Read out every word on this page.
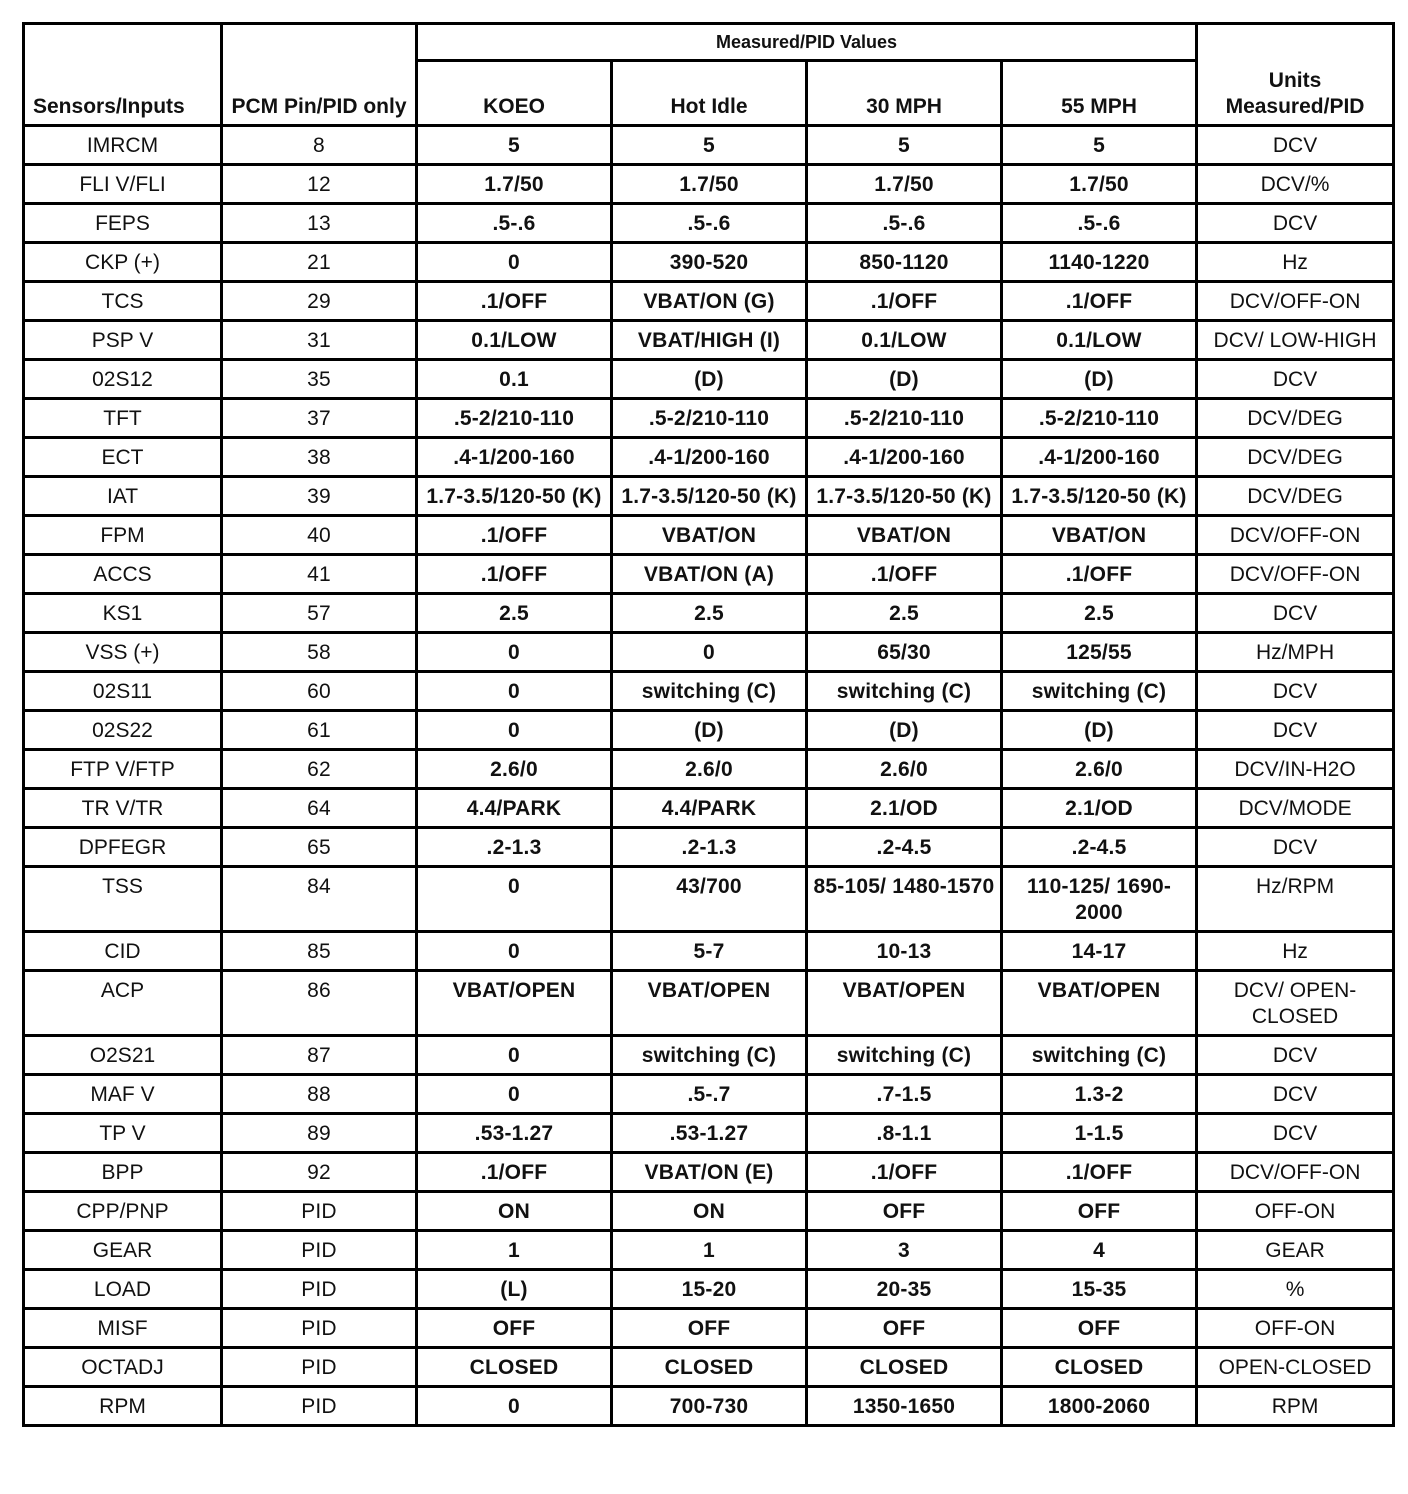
Sensors/Inputs	PCM Pin/PID only	Measured/PID Values				Units Measured/PID
		KOEO	Hot Idle	30 MPH	55 MPH	
IMRCM	8	5	5	5	5	DCV
FLI V/FLI	12	1.7/50	1.7/50	1.7/50	1.7/50	DCV/%
FEPS	13	.5-.6	.5-.6	.5-.6	.5-.6	DCV
CKP (+)	21	0	390-520	850-1120	1140-1220	Hz
TCS	29	.1/OFF	VBAT/ON (G)	.1/OFF	.1/OFF	DCV/OFF-ON
PSP V	31	0.1/LOW	VBAT/HIGH (I)	0.1/LOW	0.1/LOW	DCV/ LOW-HIGH
02S12	35	0.1	(D)	(D)	(D)	DCV
TFT	37	.5-2/210-110	.5-2/210-110	.5-2/210-110	.5-2/210-110	DCV/DEG
ECT	38	.4-1/200-160	.4-1/200-160	.4-1/200-160	.4-1/200-160	DCV/DEG
IAT	39	1.7-3.5/120-50 (K)	1.7-3.5/120-50 (K)	1.7-3.5/120-50 (K)	1.7-3.5/120-50 (K)	DCV/DEG
FPM	40	.1/OFF	VBAT/ON	VBAT/ON	VBAT/ON	DCV/OFF-ON
ACCS	41	.1/OFF	VBAT/ON (A)	.1/OFF	.1/OFF	DCV/OFF-ON
KS1	57	2.5	2.5	2.5	2.5	DCV
VSS (+)	58	0	0	65/30	125/55	Hz/MPH
02S11	60	0	switching (C)	switching (C)	switching (C)	DCV
02S22	61	0	(D)	(D)	(D)	DCV
FTP V/FTP	62	2.6/0	2.6/0	2.6/0	2.6/0	DCV/IN-H2O
TR V/TR	64	4.4/PARK	4.4/PARK	2.1/OD	2.1/OD	DCV/MODE
DPFEGR	65	.2-1.3	.2-1.3	.2-4.5	.2-4.5	DCV
TSS	84	0	43/700	85-105/ 1480-1570	110-125/ 1690-2000	Hz/RPM
CID	85	0	5-7	10-13	14-17	Hz
ACP	86	VBAT/OPEN	VBAT/OPEN	VBAT/OPEN	VBAT/OPEN	DCV/ OPEN-CLOSED
O2S21	87	0	switching (C)	switching (C)	switching (C)	DCV
MAF V	88	0	.5-.7	.7-1.5	1.3-2	DCV
TP V	89	.53-1.27	.53-1.27	.8-1.1	1-1.5	DCV
BPP	92	.1/OFF	VBAT/ON (E)	.1/OFF	.1/OFF	DCV/OFF-ON
CPP/PNP	PID	ON	ON	OFF	OFF	OFF-ON
GEAR	PID	1	1	3	4	GEAR
LOAD	PID	(L)	15-20	20-35	15-35	%
MISF	PID	OFF	OFF	OFF	OFF	OFF-ON
OCTADJ	PID	CLOSED	CLOSED	CLOSED	CLOSED	OPEN-CLOSED
RPM	PID	0	700-730	1350-1650	1800-2060	RPM
